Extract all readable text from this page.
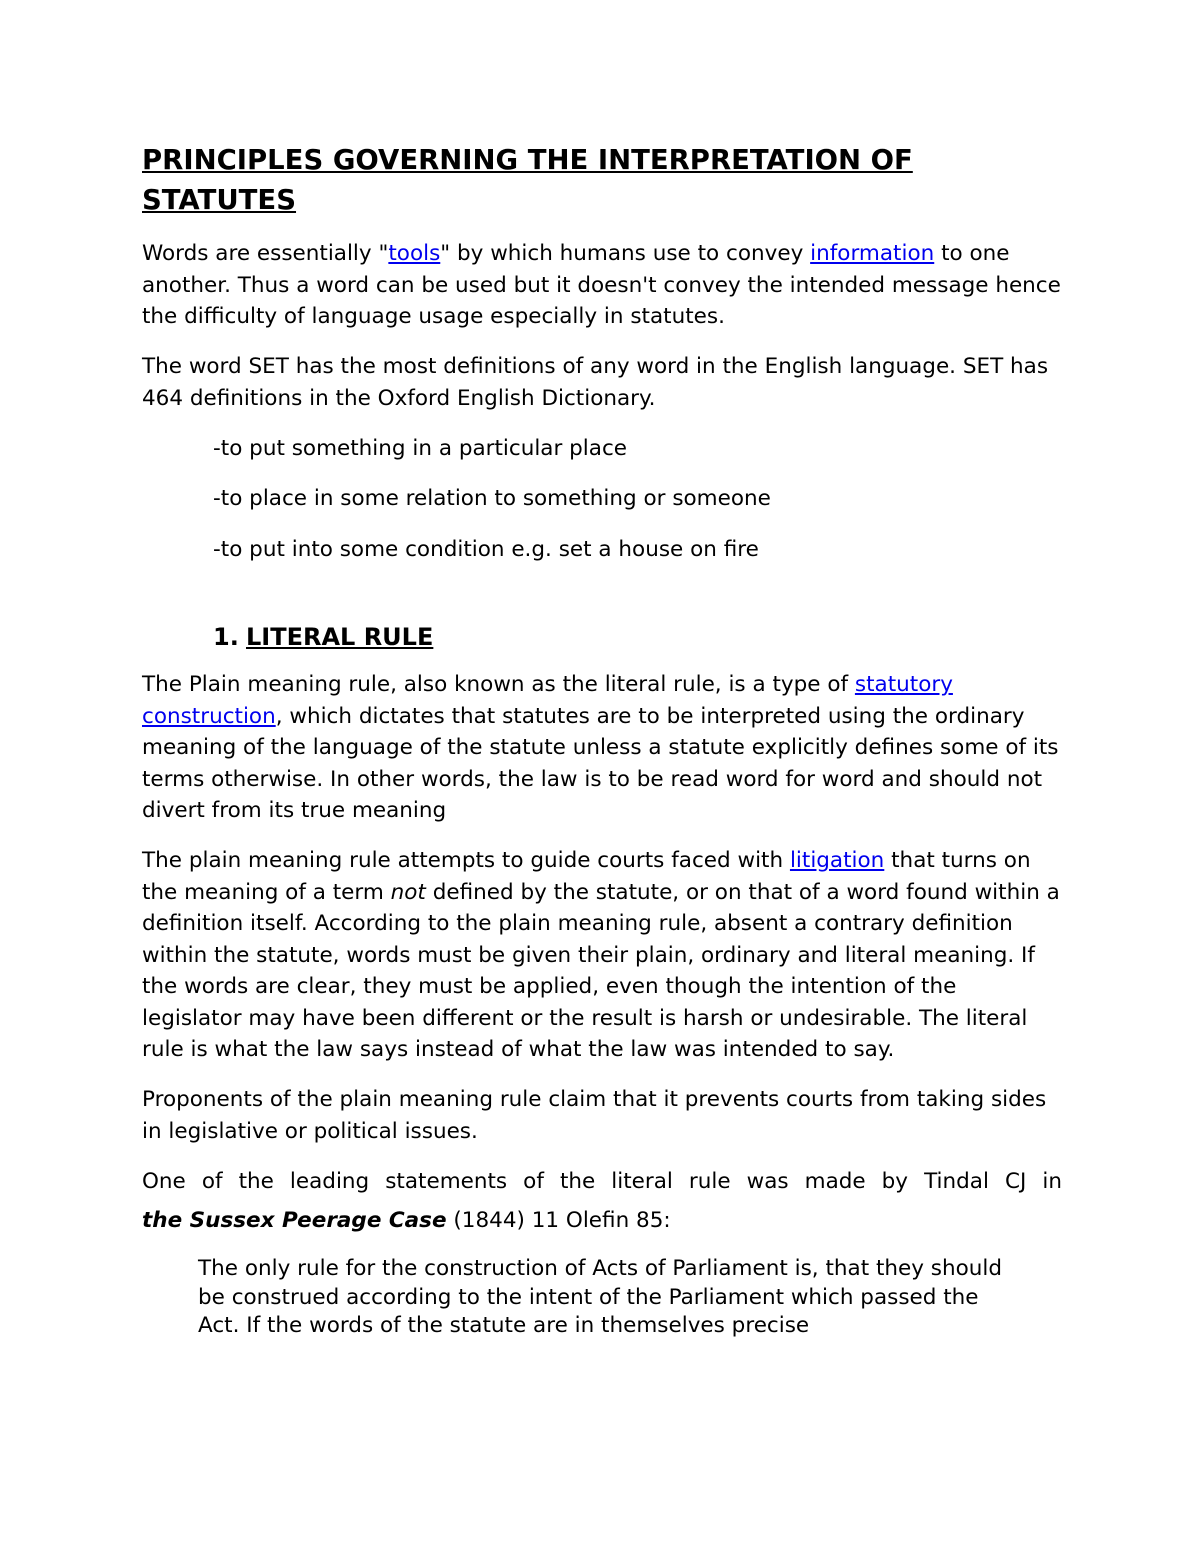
PRINCIPLES GOVERNING THE INTERPRETATION OF STATUTES

Words are essentially "tools" by which humans use to convey information to one another. Thus a word can be used but it doesn't convey the intended message hence the difficulty of language usage especially in statutes.

The word SET has the most definitions of any word in the English language. SET has 464 definitions in the Oxford English Dictionary.

-to put something in a particular place

-to place in some relation to something or someone

-to put into some condition e.g. set a house on fire

1. LITERAL RULE

The Plain meaning rule, also known as the literal rule, is a type of statutory construction, which dictates that statutes are to be interpreted using the ordinary meaning of the language of the statute unless a statute explicitly defines some of its terms otherwise. In other words, the law is to be read word for word and should not divert from its true meaning

The plain meaning rule attempts to guide courts faced with litigation that turns on the meaning of a term not defined by the statute, or on that of a word found within a definition itself. According to the plain meaning rule, absent a contrary definition within the statute, words must be given their plain, ordinary and literal meaning. If the words are clear, they must be applied, even though the intention of the legislator may have been different or the result is harsh or undesirable. The literal rule is what the law says instead of what the law was intended to say.

Proponents of the plain meaning rule claim that it prevents courts from taking sides in legislative or political issues.

One of the leading statements of the literal rule was made by Tindal CJ in

the Sussex Peerage Case (1844) 11 Olefin 85:

The only rule for the construction of Acts of Parliament is, that they should be construed according to the intent of the Parliament which passed the Act. If the words of the statute are in themselves precise
